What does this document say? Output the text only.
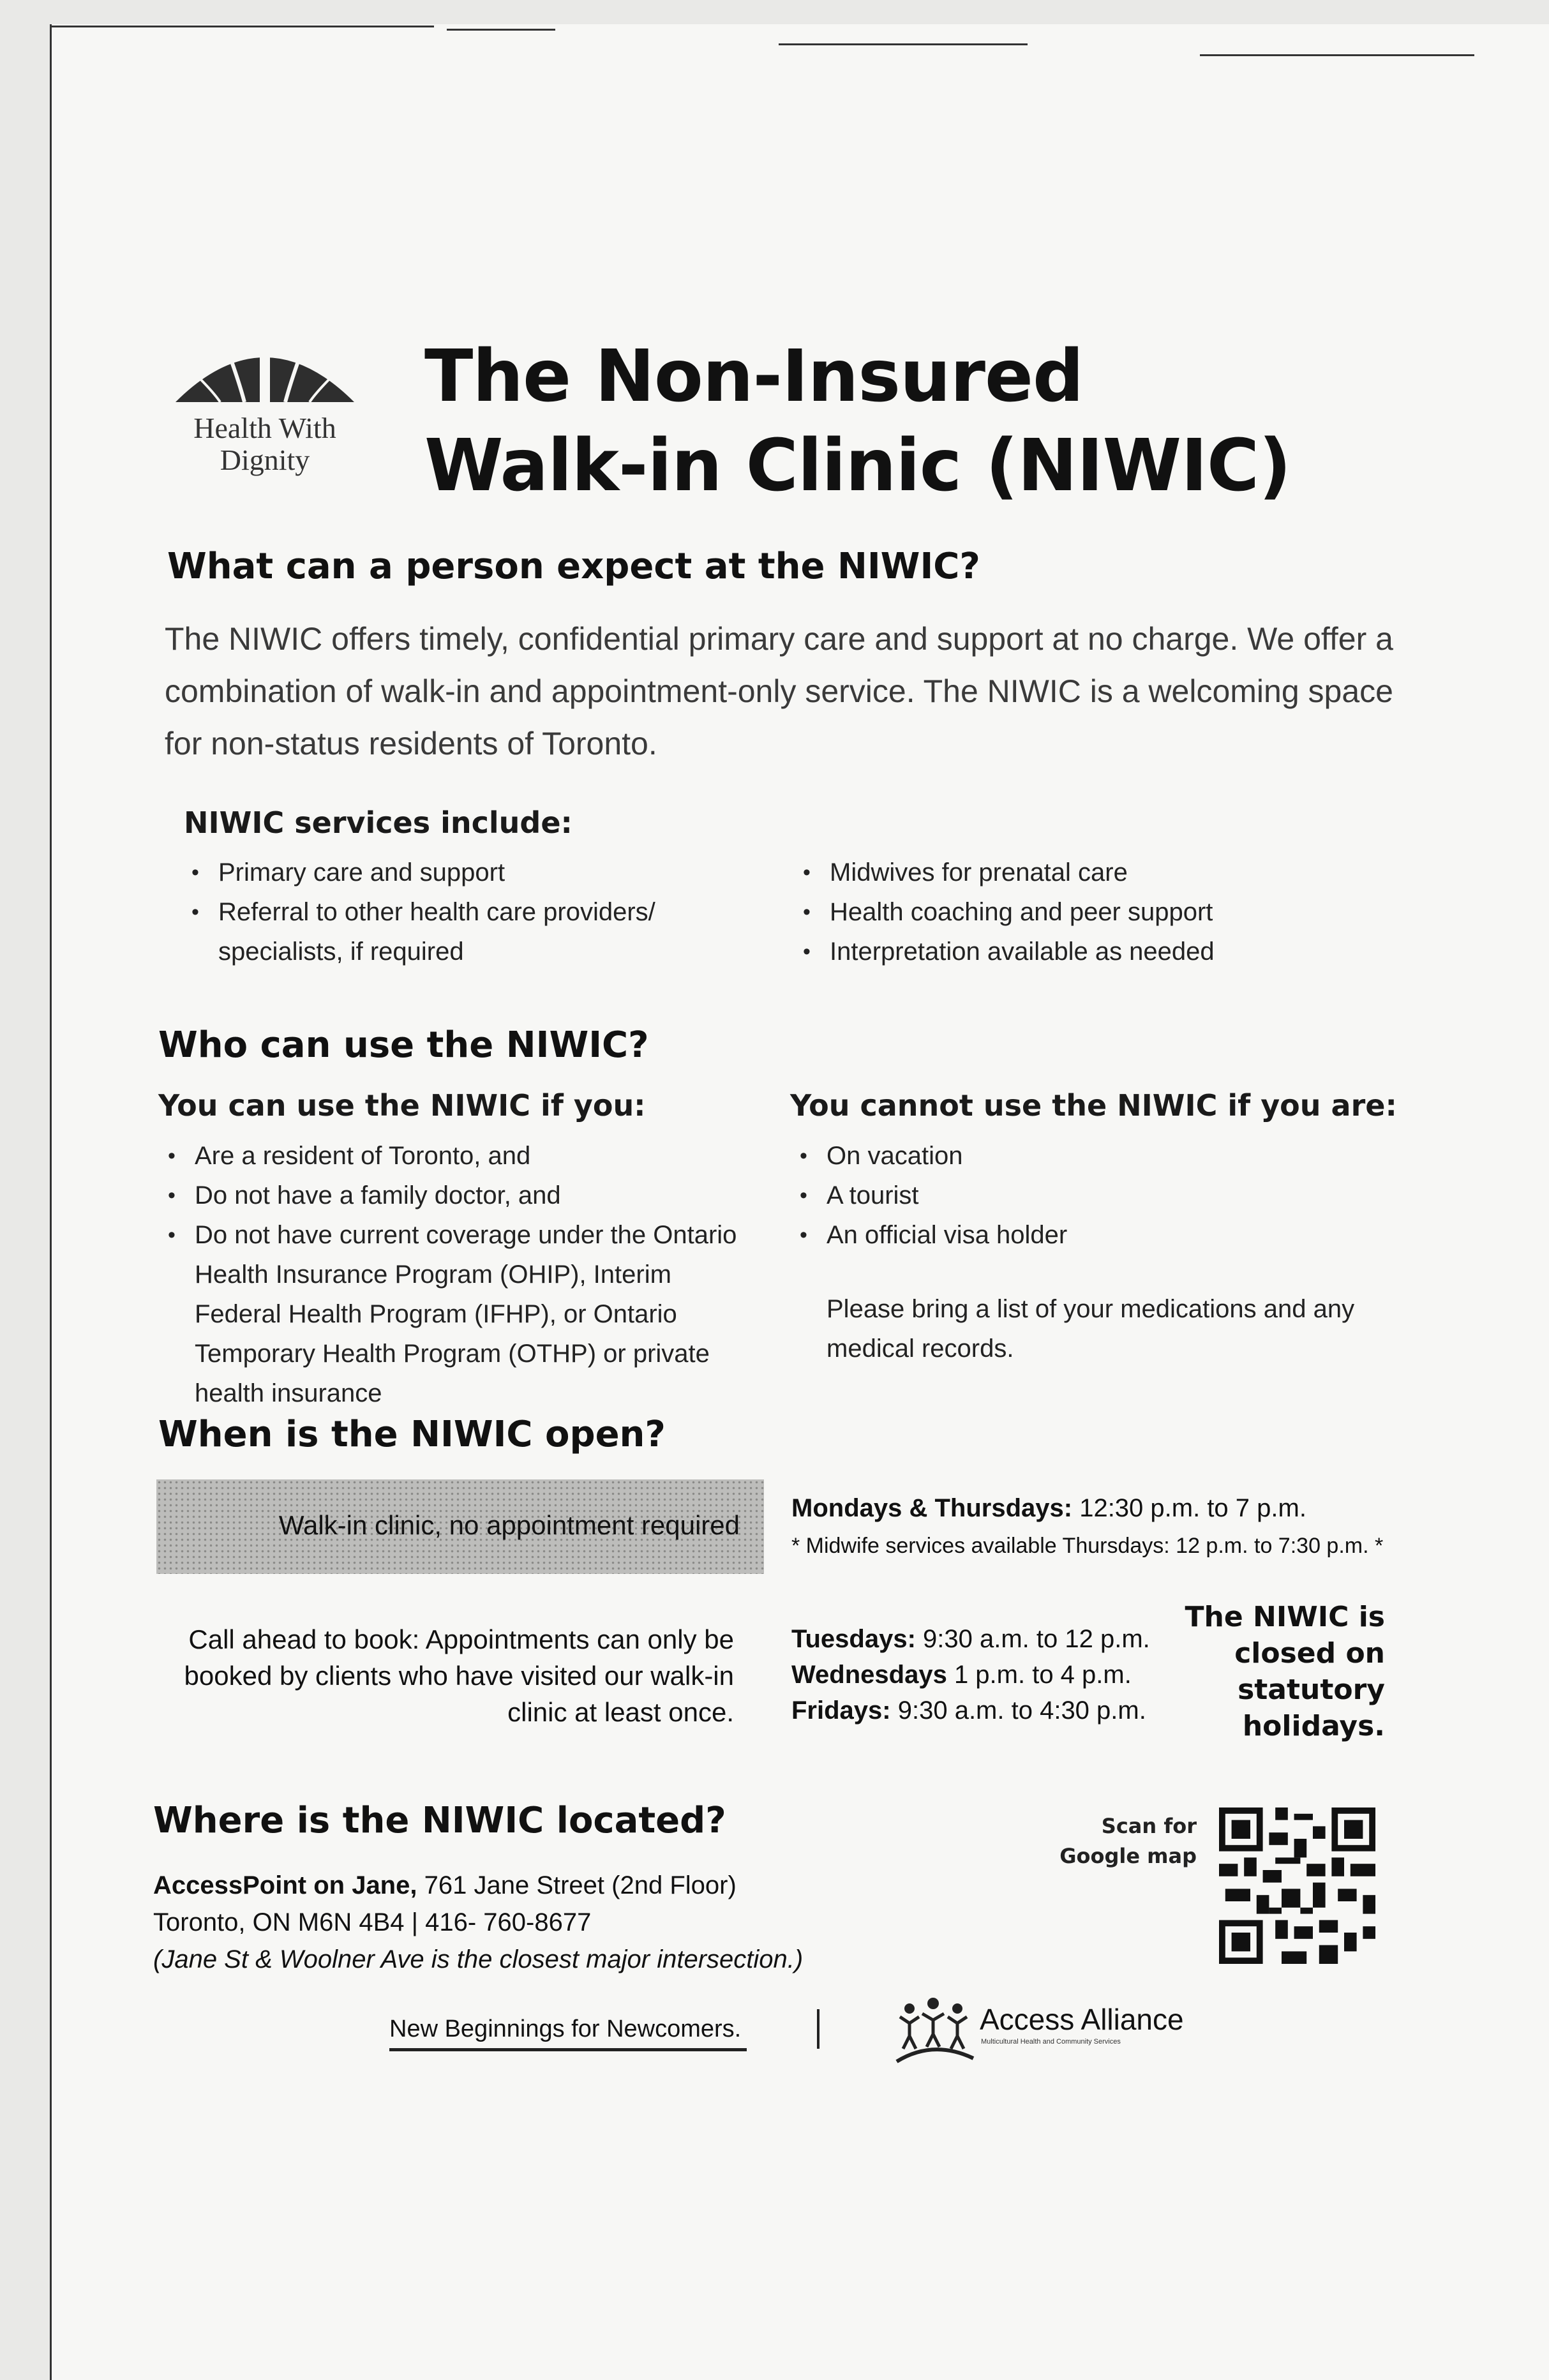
Health With
Dignity
The Non-Insured
Walk-in Clinic (NIWIC)
What can a person expect at the NIWIC?
The NIWIC offers timely, confidential primary care and support at no charge. We offer a combination of walk-in and appointment-only service. The NIWIC is a welcoming space for non-status residents of Toronto.
NIWIC services include:
• Primary care and support
• Referral to other health care providers/ specialists, if required
• Midwives for prenatal care
• Health coaching and peer support
• Interpretation available as needed
Who can use the NIWIC?
You can use the NIWIC if you:
• Are a resident of Toronto, and
• Do not have a family doctor, and
• Do not have current coverage under the Ontario Health Insurance Program (OHIP), Interim Federal Health Program (IFHP), or Ontario Temporary Health Program (OTHP) or private health insurance
You cannot use the NIWIC if you are:
• On vacation
• A tourist
• An official visa holder
Please bring a list of your medications and any medical records.
When is the NIWIC open?
Walk-in clinic, no appointment required
Mondays & Thursdays: 12:30 p.m. to 7 p.m.
* Midwife services available Thursdays: 12 p.m. to 7:30 p.m. *
Call ahead to book: Appointments can only be booked by clients who have visited our walk-in clinic at least once.
Tuesdays: 9:30 a.m. to 12 p.m.
Wednesdays 1 p.m. to 4 p.m.
Fridays: 9:30 a.m. to 4:30 p.m.
The NIWIC is closed on statutory holidays.
Where is the NIWIC located?
AccessPoint on Jane, 761 Jane Street (2nd Floor)
Toronto, ON M6N 4B4 | 416- 760-8677
(Jane St & Woolner Ave is the closest major intersection.)
Scan for Google map
New Beginnings for Newcomers.	Access Alliance
Multicultural Health and Community Services
